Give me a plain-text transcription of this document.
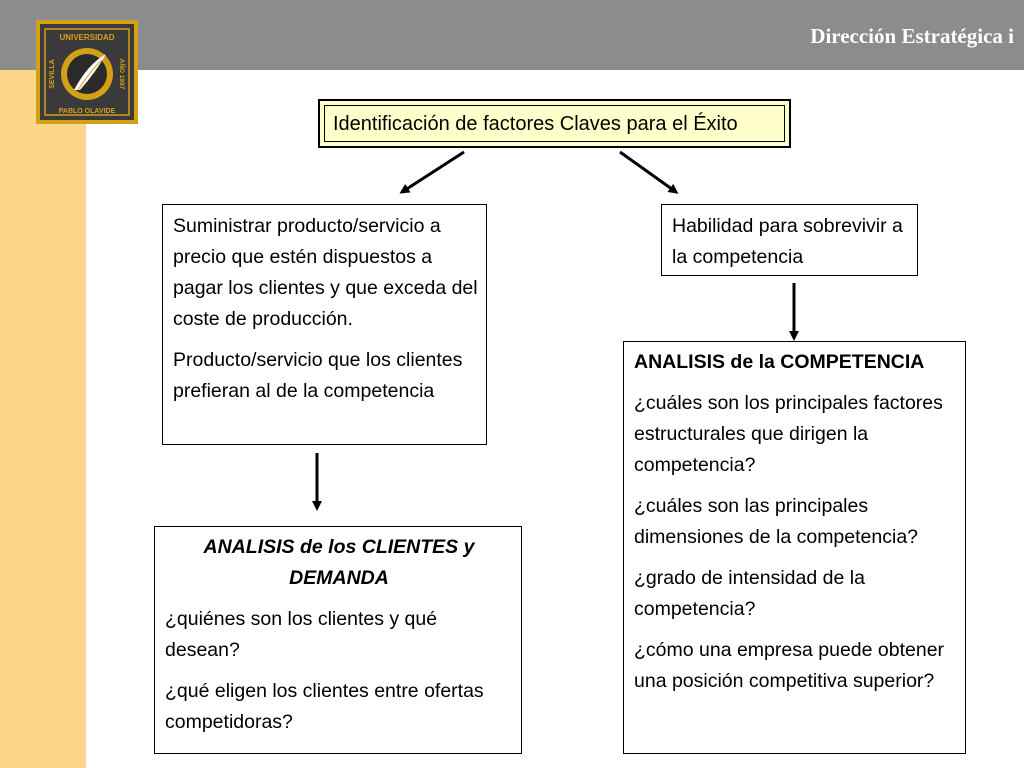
Dirección Estratégica i
UNIVERSIDAD
PABLO OLAVIDE
SEVILLA	AÑO 1997
Identificación de factores Claves para el Éxito

Suministrar producto/servicio a precio que estén dispuestos a pagar los clientes y que exceda del coste de producción.

Producto/servicio que los clientes prefieran al de la competencia

Habilidad para sobrevivir a la competencia

ANALISIS de los CLIENTES y DEMANDA

¿quiénes son los clientes y qué desean?

¿qué eligen los clientes entre ofertas competidoras?

ANALISIS de la COMPETENCIA

¿cuáles son los principales factores estructurales que dirigen la competencia?

¿cuáles son las principales dimensiones de la competencia?

¿grado de intensidad de la competencia?

¿cómo una empresa puede obtener una posición competitiva superior?
